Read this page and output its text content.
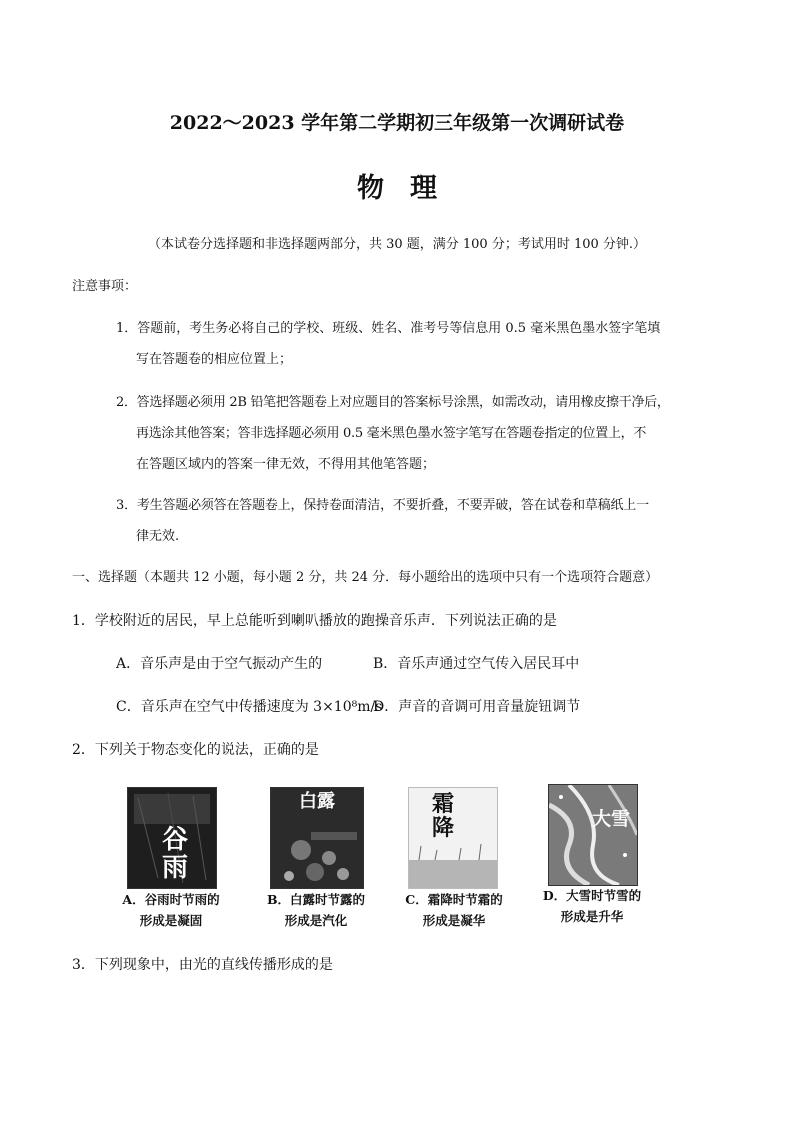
2022～2023 学年第二学期初三年级第一次调研试卷
物理
（本试卷分选择题和非选择题两部分，共 30 题，满分 100 分；考试用时 100 分钟.）
注意事项：
1．答题前，考生务必将自己的学校、班级、姓名、准考号等信息用 0.5 毫米黑色墨水签字笔填
写在答题卷的相应位置上；
2．答选择题必须用 2B 铅笔把答题卷上对应题目的答案标号涂黑，如需改动，请用橡皮擦干净后，
再选涂其他答案；答非选择题必须用 0.5 毫米黑色墨水签字笔写在答题卷指定的位置上，不
在答题区域内的答案一律无效，不得用其他笔答题；
3．考生答题必须答在答题卷上，保持卷面清洁，不要折叠，不要弄破，答在试卷和草稿纸上一
律无效.
一、选择题（本题共 12 小题，每小题 2 分，共 24 分．每小题给出的选项中只有一个选项符合题意）
1．学校附近的居民，早上总能听到喇叭播放的跑操音乐声．下列说法正确的是
A．音乐声是由于空气振动产生的	B．音乐声通过空气传入居民耳中
C．音乐声在空气中传播速度为 3×10⁸m/s
D．声音的音调可用音量旋钮调节
2．下列关于物态变化的说法，正确的是
谷雨
A．谷雨时节雨的
形成是凝固
白露
B．白露时节露的
形成是汽化
霜降
C．霜降时节霜的
形成是凝华
大雪
D．大雪时节雪的
形成是升华
3．下列现象中，由光的直线传播形成的是
